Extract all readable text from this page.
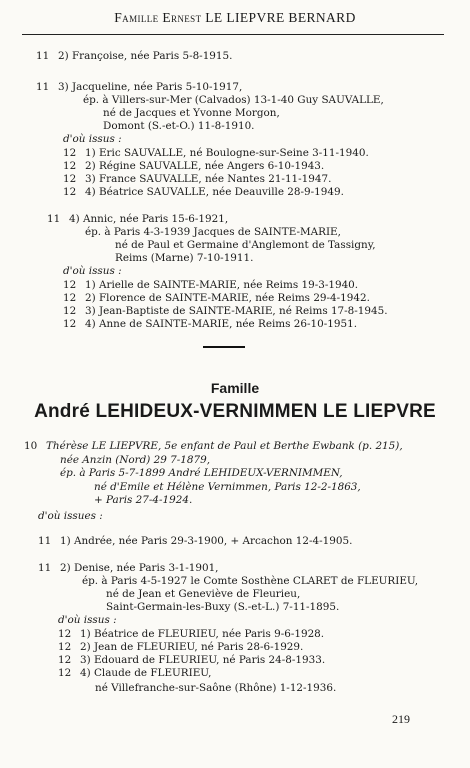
Famille Ernest LE LIEPVRE BERNARD
11 2) Françoise, née Paris 5-8-1915.
11 3) Jacqueline, née Paris 5-10-1917,
ép. à Villers-sur-Mer (Calvados) 13-1-40 Guy SAUVALLE,
né de Jacques et Yvonne Morgon,
Domont (S.-et-O.) 11-8-1910.
d'où issus :
12 1) Eric SAUVALLE, né Boulogne-sur-Seine 3-11-1940.
12 2) Régine SAUVALLE, née Angers 6-10-1943.
12 3) France SAUVALLE, née Nantes 21-11-1947.
12 4) Béatrice SAUVALLE, née Deauville 28-9-1949.
11 4) Annic, née Paris 15-6-1921,
ép. à Paris 4-3-1939 Jacques de SAINTE-MARIE,
né de Paul et Germaine d'Anglemont de Tassigny,
Reims (Marne) 7-10-1911.
d'où issus :
12 1) Arielle de SAINTE-MARIE, née Reims 19-3-1940.
12 2) Florence de SAINTE-MARIE, née Reims 29-4-1942.
12 3) Jean-Baptiste de SAINTE-MARIE, né Reims 17-8-1945.
12 4) Anne de SAINTE-MARIE, née Reims 26-10-1951.
Famille
André LEHIDEUX-VERNIMMEN LE LIEPVRE
10 Thérèse LE LIEPVRE, 5e enfant de Paul et Berthe Ewbank (p. 215),
née Anzin (Nord) 29 7-1879,
ép. à Paris 5-7-1899 André LEHIDEUX-VERNIMMEN,
né d'Emile et Hélène Vernimmen, Paris 12-2-1863,
+ Paris 27-4-1924.
d'où issues :
11 1) Andrée, née Paris 29-3-1900, + Arcachon 12-4-1905.
11 2) Denise, née Paris 3-1-1901,
ép. à Paris 4-5-1927 le Comte Sosthène CLARET de FLEURIEU,
né de Jean et Geneviève de Fleurieu,
Saint-Germain-les-Buxy (S.-et-L.) 7-11-1895.
d'où issus :
12 1) Béatrice de FLEURIEU, née Paris 9-6-1928.
12 2) Jean de FLEURIEU, né Paris 28-6-1929.
12 3) Edouard de FLEURIEU, né Paris 24-8-1933.
12 4) Claude de FLEURIEU,
né Villefranche-sur-Saône (Rhône) 1-12-1936.
219
